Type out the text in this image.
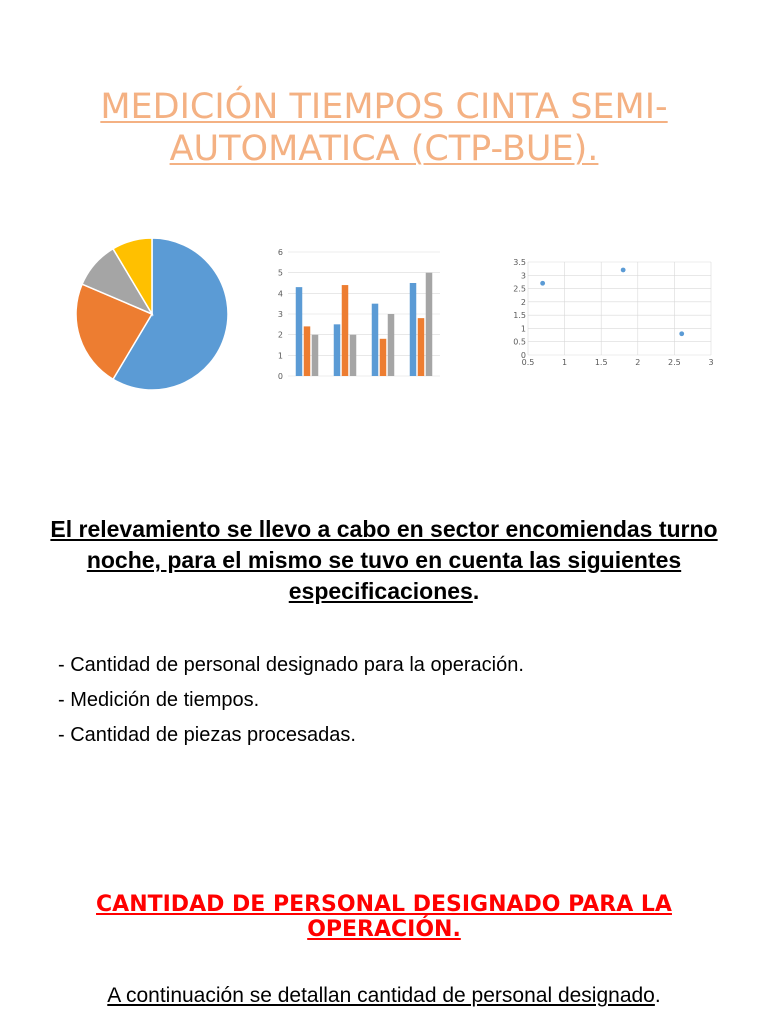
MEDICIÓN TIEMPOS CINTA SEMI-AUTOMATICA (CTP-BUE).
0
1
2
3
4
5
6
0
0.5
1
1.5
2
2.5
3
3.5
0.5	1	1.5	2	2.5	3
El relevamiento se llevo a cabo en sector encomiendas turno noche, para el mismo se tuvo en cuenta las siguientes especificaciones.
- Cantidad de personal designado para la operación.
- Medición de tiempos.
- Cantidad de piezas procesadas.
CANTIDAD DE PERSONAL DESIGNADO PARA LA OPERACIÓN.
A continuación se detallan cantidad de personal designado.
